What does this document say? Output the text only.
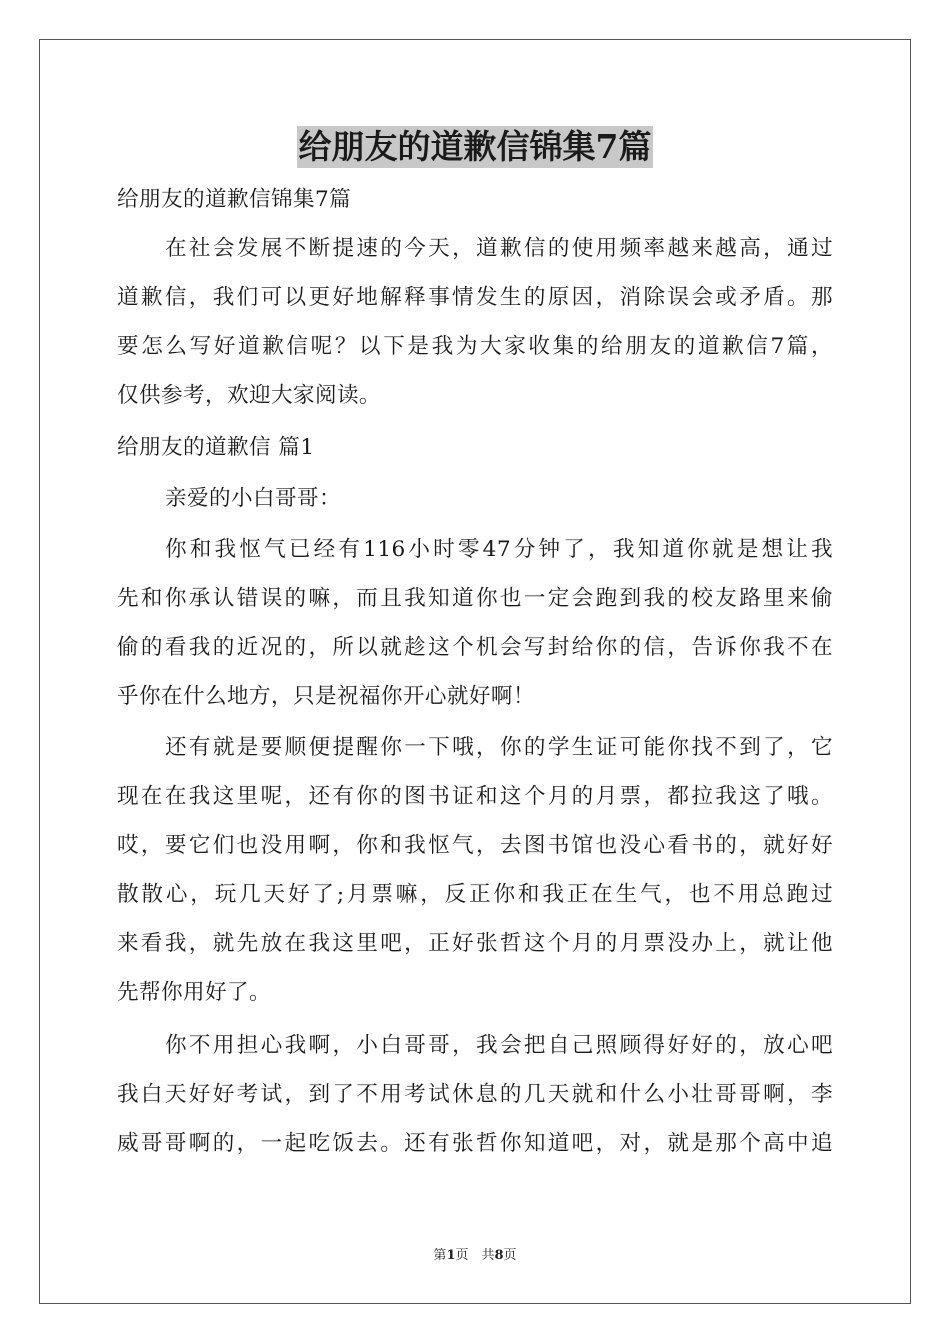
给朋友的道歉信锦集7篇
给朋友的道歉信锦集7篇
在社会发展不断提速的今天，道歉信的使用频率越来越高，通过
道歉信，我们可以更好地解释事情发生的原因，消除误会或矛盾。那
要怎么写好道歉信呢？以下是我为大家收集的给朋友的道歉信7篇，
仅供参考，欢迎大家阅读。
给朋友的道歉信 篇1
亲爱的小白哥哥：
你和我怄气已经有116小时零47分钟了，我知道你就是想让我
先和你承认错误的嘛，而且我知道你也一定会跑到我的校友路里来偷
偷的看我的近况的，所以就趁这个机会写封给你的信，告诉你我不在
乎你在什么地方，只是祝福你开心就好啊！
还有就是要顺便提醒你一下哦，你的学生证可能你找不到了，它
现在在我这里呢，还有你的图书证和这个月的月票，都拉我这了哦。
哎，要它们也没用啊，你和我怄气，去图书馆也没心看书的，就好好
散散心，玩几天好了;月票嘛，反正你和我正在生气，也不用总跑过
来看我，就先放在我这里吧，正好张哲这个月的月票没办上，就让他
先帮你用好了。
你不用担心我啊，小白哥哥，我会把自己照顾得好好的，放心吧
我白天好好考试，到了不用考试休息的几天就和什么小壮哥哥啊，李
威哥哥啊的，一起吃饭去。还有张哲你知道吧，对，就是那个高中追
第1页　共8页
